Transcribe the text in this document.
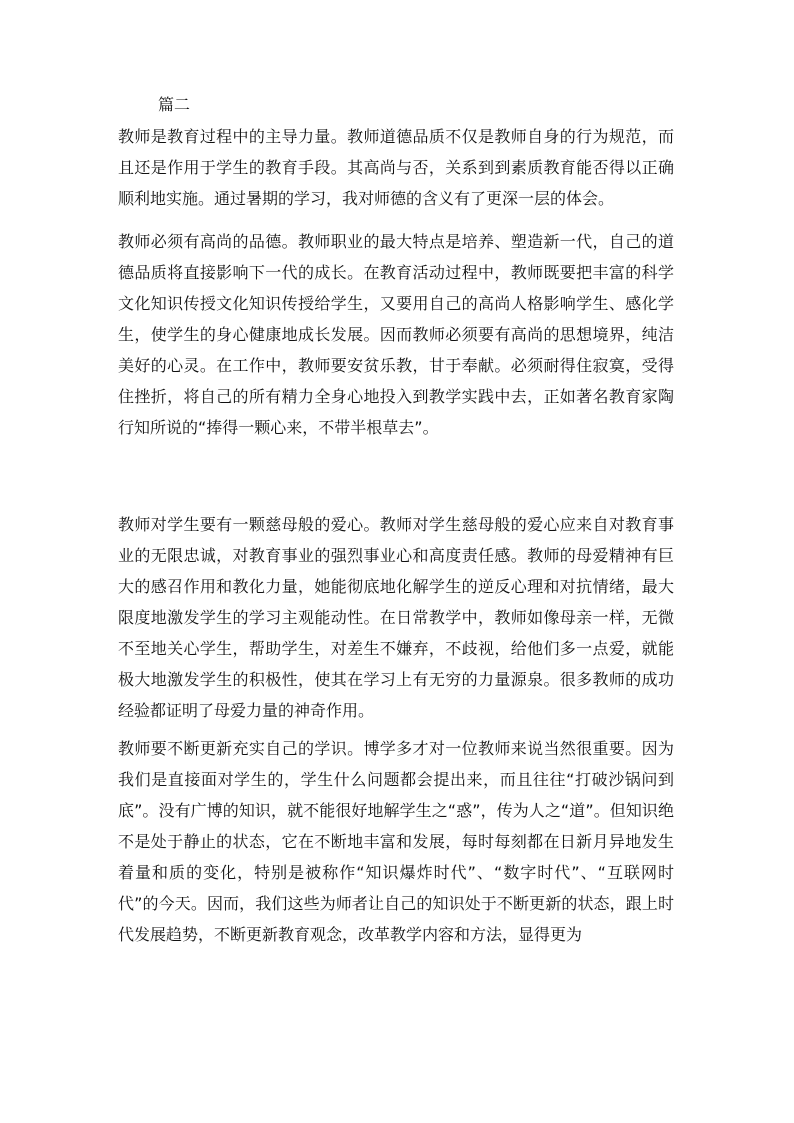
篇二

教师是教育过程中的主导力量。教师道德品质不仅是教师自身的行为规范，而且还是作用于学生的教育手段。其高尚与否，关系到到素质教育能否得以正确顺利地实施。通过暑期的学习，我对师德的含义有了更深一层的体会。

教师必须有高尚的品德。教师职业的最大特点是培养、塑造新一代，自己的道德品质将直接影响下一代的成长。在教育活动过程中，教师既要把丰富的科学文化知识传授文化知识传授给学生，又要用自己的高尚人格影响学生、感化学生，使学生的身心健康地成长发展。因而教师必须要有高尚的思想境界，纯洁美好的心灵。在工作中，教师要安贫乐教，甘于奉献。必须耐得住寂寞，受得住挫折，将自己的所有精力全身心地投入到教学实践中去，正如著名教育家陶行知所说的“捧得一颗心来，不带半根草去”。

教师对学生要有一颗慈母般的爱心。教师对学生慈母般的爱心应来自对教育事业的无限忠诚，对教育事业的强烈事业心和高度责任感。教师的母爱精神有巨大的感召作用和教化力量，她能彻底地化解学生的逆反心理和对抗情绪，最大限度地激发学生的学习主观能动性。在日常教学中，教师如像母亲一样，无微不至地关心学生，帮助学生，对差生不嫌弃，不歧视，给他们多一点爱，就能极大地激发学生的积极性，使其在学习上有无穷的力量源泉。很多教师的成功经验都证明了母爱力量的神奇作用。

教师要不断更新充实自己的学识。博学多才对一位教师来说当然很重要。因为我们是直接面对学生的，学生什么问题都会提出来，而且往往“打破沙锅问到底”。没有广博的知识，就不能很好地解学生之“惑”，传为人之“道”。但知识绝不是处于静止的状态，它在不断地丰富和发展，每时每刻都在日新月异地发生着量和质的变化，特别是被称作“知识爆炸时代”、“数字时代”、“互联网时代”的今天。因而，我们这些为师者让自己的知识处于不断更新的状态，跟上时代发展趋势，不断更新教育观念，改革教学内容和方法，显得更为
